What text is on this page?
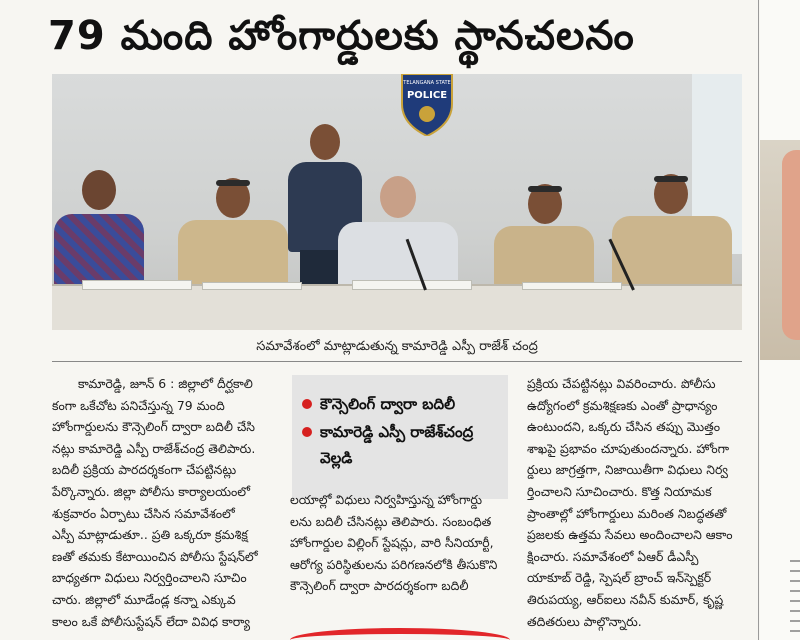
79 మంది హోంగార్డులకు స్థానచలనం
TELANGANA STATE
POLICE
సమావేశంలో మాట్లాడుతున్న కామారెడ్డి ఎస్పీ రాజేశ్ చంద్ర

కామారెడ్డి, జూన్ 6 : జిల్లాలో దీర్ఘకాలి

కంగా ఒకేచోట పనిచేస్తున్న 79 మంది

హోంగార్డులను కౌన్సెలింగ్ ద్వారా బదిలీ చేసి

నట్లు కామారెడ్డి ఎస్పీ రాజేశ్‌చంద్ర తెలిపారు.

బదిలీ ప్రక్రియ పారదర్శకంగా చేపట్టినట్లు

పేర్కొన్నారు. జిల్లా పోలీసు కార్యాలయంలో

శుక్రవారం ఏర్పాటు చేసిన సమావేశంలో

ఎస్పీ మాట్లాడుతూ.. ప్రతి ఒక్కరూ క్రమశిక్ష

ణతో తమకు కేటాయించిన పోలీసు స్టేషన్‌లో

బాధ్యతగా విధులు నిర్వర్తించాలని సూచిం

చారు. జిల్లాలో మూడేండ్ల కన్నా ఎక్కువ

కాలం ఒకే పోలీసుస్టేషన్ లేదా వివిధ కార్యా

కౌన్సెలింగ్ ద్వారా బదిలీ
కామారెడ్డి ఎస్పీ రాజేశ్‌చంద్ర వెల్లడి

లయాల్లో విధులు నిర్వహిస్తున్న హోంగార్డు

లను బదిలీ చేసినట్లు తెలిపారు. సంబంధిత

హోంగార్డుల విల్లింగ్ స్టేషన్లు, వారి సీనియార్టీ,

ఆరోగ్య పరిస్థితులను పరిగణనలోకి తీసుకొని

కౌన్సెలింగ్ ద్వారా పారదర్శకంగా బదిలీ

ప్రక్రియ చేపట్టినట్లు వివరించారు. పోలీసు

ఉద్యోగంలో క్రమశిక్షణకు ఎంతో ప్రాధాన్యం

ఉంటుందని, ఒక్కరు చేసిన తప్పు మొత్తం

శాఖపై ప్రభావం చూపుతుందన్నారు. హోంగా

ర్డులు జాగ్రత్తగా, నిజాయితీగా విధులు నిర్వ

ర్తించాలని సూచించారు. కొత్త నియామక

ప్రాంతాల్లో హోంగార్డులు మరింత నిబద్ధతతో

ప్రజలకు ఉత్తమ సేవలు అందించాలని ఆకాం

క్షించారు. సమావేశంలో ఏఆర్ డీఎస్పీ

యాకూబ్ రెడ్డి, స్పెషల్ బ్రాంచ్ ఇన్‌స్పెక్టర్

తిరుపయ్య, ఆర్ఐలు నవీన్ కుమార్, కృష్ణ

తదితరులు పాల్గొన్నారు.
